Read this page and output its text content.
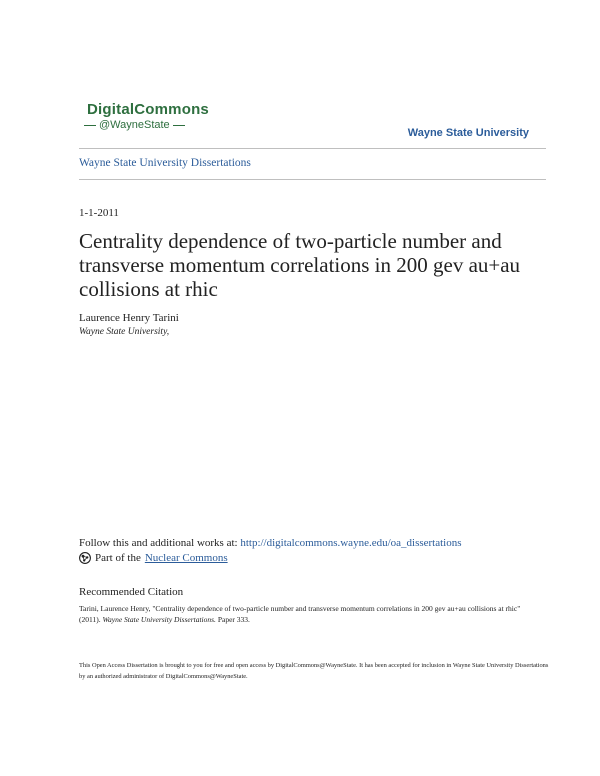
DigitalCommons
@WayneState
Wayne State University
Wayne State University Dissertations
1-1-2011
Centrality dependence of two-particle number and transverse momentum correlations in 200 gev au+au collisions at rhic
Laurence Henry Tarini
Wayne State University,
Follow this and additional works at: http://digitalcommons.wayne.edu/oa_dissertations
Part of the Nuclear Commons
Recommended Citation
Tarini, Laurence Henry, "Centrality dependence of two-particle number and transverse momentum correlations in 200 gev au+au collisions at rhic" (2011). Wayne State University Dissertations. Paper 333.
This Open Access Dissertation is brought to you for free and open access by DigitalCommons@WayneState. It has been accepted for inclusion in Wayne State University Dissertations by an authorized administrator of DigitalCommons@WayneState.
